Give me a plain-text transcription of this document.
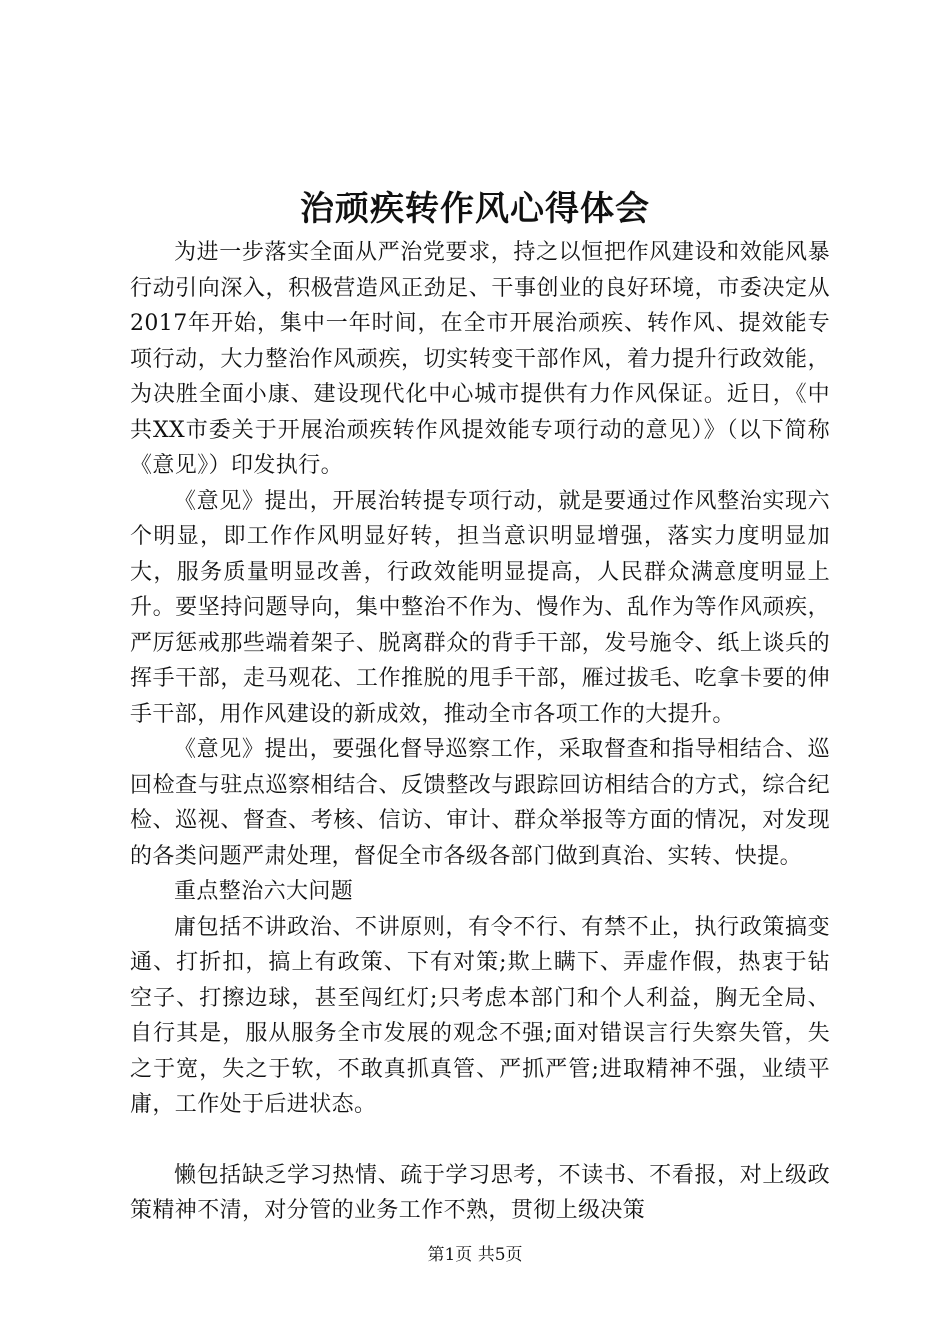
治顽疾转作风心得体会

为进一步落实全面从严治党要求，持之以恒把作风建设和效能风暴行动引向深入，积极营造风正劲足、干事创业的良好环境，市委决定从2017年开始，集中一年时间，在全市开展治顽疾、转作风、提效能专项行动，大力整治作风顽疾，切实转变干部作风，着力提升行政效能，为决胜全面小康、建设现代化中心城市提供有力作风保证。近日，《中共XX市委关于开展治顽疾转作风提效能专项行动的意见）》（以下简称《意见》）印发执行。

《意见》提出，开展治转提专项行动，就是要通过作风整治实现六个明显，即工作作风明显好转，担当意识明显增强，落实力度明显加大，服务质量明显改善，行政效能明显提高，人民群众满意度明显上升。要坚持问题导向，集中整治不作为、慢作为、乱作为等作风顽疾，严厉惩戒那些端着架子、脱离群众的背手干部，发号施令、纸上谈兵的挥手干部，走马观花、工作推脱的甩手干部，雁过拔毛、吃拿卡要的伸手干部，用作风建设的新成效，推动全市各项工作的大提升。

《意见》提出，要强化督导巡察工作，采取督查和指导相结合、巡回检查与驻点巡察相结合、反馈整改与跟踪回访相结合的方式，综合纪检、巡视、督查、考核、信访、审计、群众举报等方面的情况，对发现的各类问题严肃处理，督促全市各级各部门做到真治、实转、快提。

重点整治六大问题

庸包括不讲政治、不讲原则，有令不行、有禁不止，执行政策搞变通、打折扣，搞上有政策、下有对策;欺上瞒下、弄虚作假，热衷于钻空子、打擦边球，甚至闯红灯;只考虑本部门和个人利益，胸无全局、自行其是，服从服务全市发展的观念不强;面对错误言行失察失管，失之于宽，失之于软，不敢真抓真管、严抓严管;进取精神不强，业绩平庸，工作处于后进状态。

懒包括缺乏学习热情、疏于学习思考，不读书、不看报，对上级政策精神不清，对分管的业务工作不熟，贯彻上级决策

第1页 共5页
